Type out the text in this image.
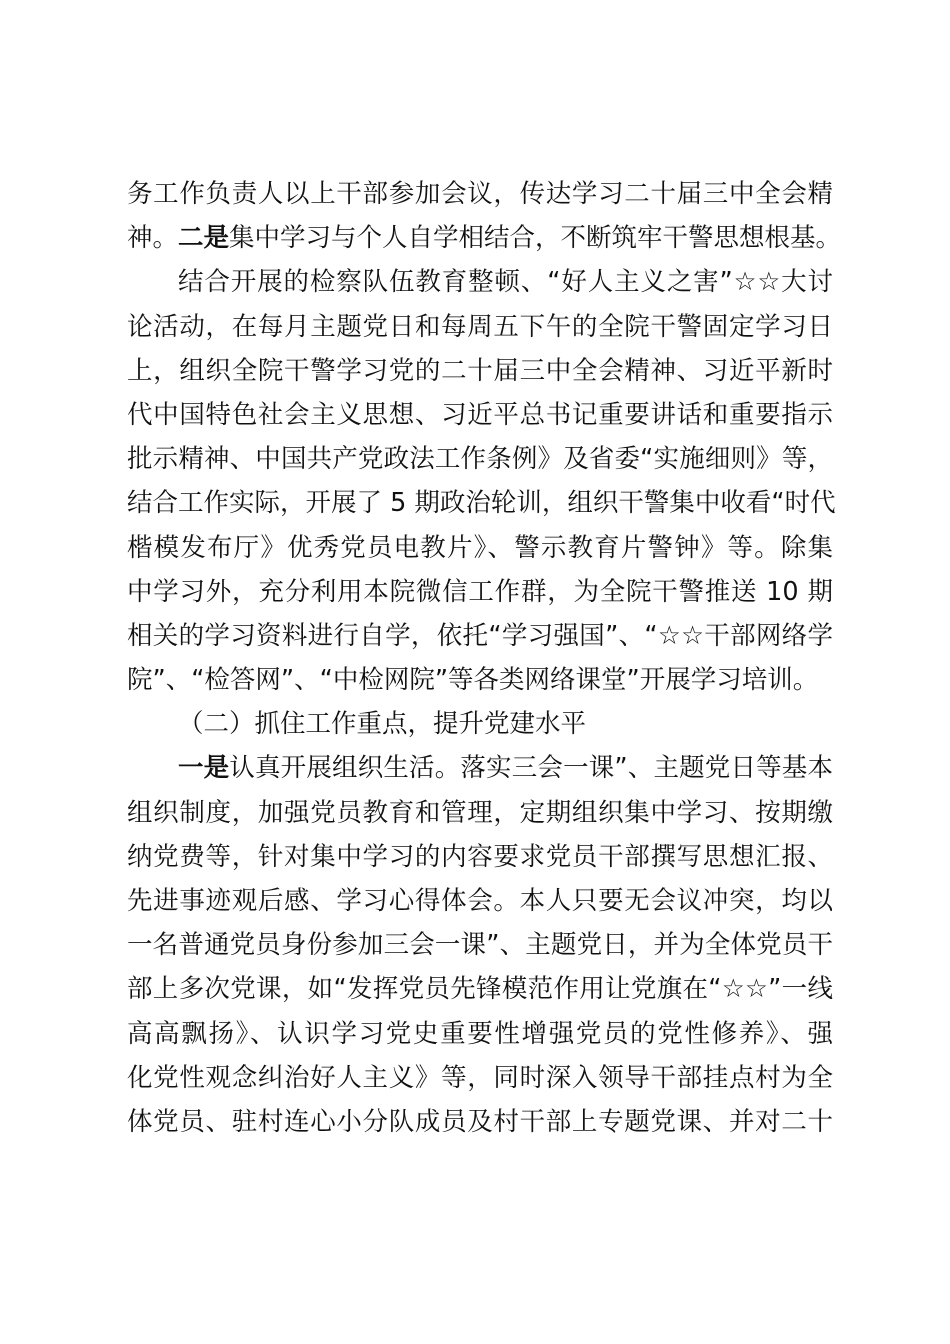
务工作负责人以上干部参加会议，传达学习二十届三中全会精
神。二是集中学习与个人自学相结合，不断筑牢干警思想根基。
结合开展的检察队伍教育整顿、“好人主义之害”☆☆大讨
论活动，在每月主题党日和每周五下午的全院干警固定学习日
上，组织全院干警学习党的二十届三中全会精神、习近平新时
代中国特色社会主义思想、习近平总书记重要讲话和重要指示
批示精神、中国共产党政法工作条例》及省委“实施细则》等，
结合工作实际，开展了 5 期政治轮训，组织干警集中收看“时代
楷模发布厅》优秀党员电教片》、警示教育片警钟》等。除集
中学习外，充分利用本院微信工作群，为全院干警推送 10 期
相关的学习资料进行自学，依托“学习强国”、“☆☆干部网络学
院”、“检答网”、“中检网院”等各类网络课堂”开展学习培训。
（二）抓住工作重点，提升党建水平
一是认真开展组织生活。落实三会一课”、主题党日等基本
组织制度，加强党员教育和管理，定期组织集中学习、按期缴
纳党费等，针对集中学习的内容要求党员干部撰写思想汇报、
先进事迹观后感、学习心得体会。本人只要无会议冲突，均以
一名普通党员身份参加三会一课”、主题党日，并为全体党员干
部上多次党课，如“发挥党员先锋模范作用让党旗在“☆☆”一线
高高飘扬》、认识学习党史重要性增强党员的党性修养》、强
化党性观念纠治好人主义》等，同时深入领导干部挂点村为全
体党员、驻村连心小分队成员及村干部上专题党课、并对二十
